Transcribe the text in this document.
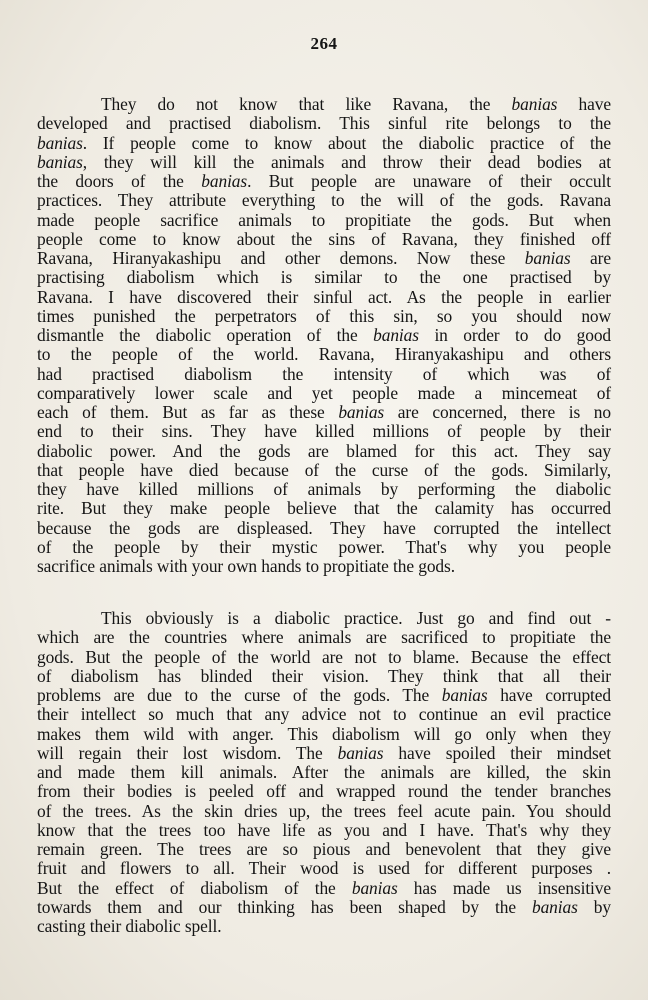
264
They do not know that like Ravana, the banias have
developed and practised diabolism. This sinful rite belongs to the
banias. If people come to know about the diabolic practice of the
banias, they will kill the animals and throw their dead bodies at
the doors of the banias. But people are unaware of their occult
practices. They attribute everything to the will of the gods. Ravana
made people sacrifice animals to propitiate the gods. But when
people come to know about the sins of Ravana, they finished off
Ravana, Hiranyakashipu and other demons. Now these banias are
practising diabolism which is similar to the one practised by
Ravana. I have discovered their sinful act. As the people in earlier
times punished the perpetrators of this sin, so you should now
dismantle the diabolic operation of the banias in order to do good
to the people of the world. Ravana, Hiranyakashipu and others
had practised diabolism the intensity of which was of
comparatively lower scale and yet people made a mincemeat of
each of them. But as far as these banias are concerned, there is no
end to their sins. They have killed millions of people by their
diabolic power. And the gods are blamed for this act. They say
that people have died because of the curse of the gods. Similarly,
they have killed millions of animals by performing the diabolic
rite. But they make people believe that the calamity has occurred
because the gods are displeased. They have corrupted the intellect
of the people by their mystic power. That's why you people
sacrifice animals with your own hands to propitiate the gods.
This obviously is a diabolic practice. Just go and find out -
which are the countries where animals are sacrificed to propitiate the
gods. But the people of the world are not to blame. Because the effect
of diabolism has blinded their vision. They think that all their
problems are due to the curse of the gods. The banias have corrupted
their intellect so much that any advice not to continue an evil practice
makes them wild with anger. This diabolism will go only when they
will regain their lost wisdom. The banias have spoiled their mindset
and made them kill animals. After the animals are killed, the skin
from their bodies is peeled off and wrapped round the tender branches
of the trees. As the skin dries up, the trees feel acute pain. You should
know that the trees too have life as you and I have. That's why they
remain green. The trees are so pious and benevolent that they give
fruit and flowers to all. Their wood is used for different purposes .
But the effect of diabolism of the banias has made us insensitive
towards them and our thinking has been shaped by the banias by
casting their diabolic spell.
